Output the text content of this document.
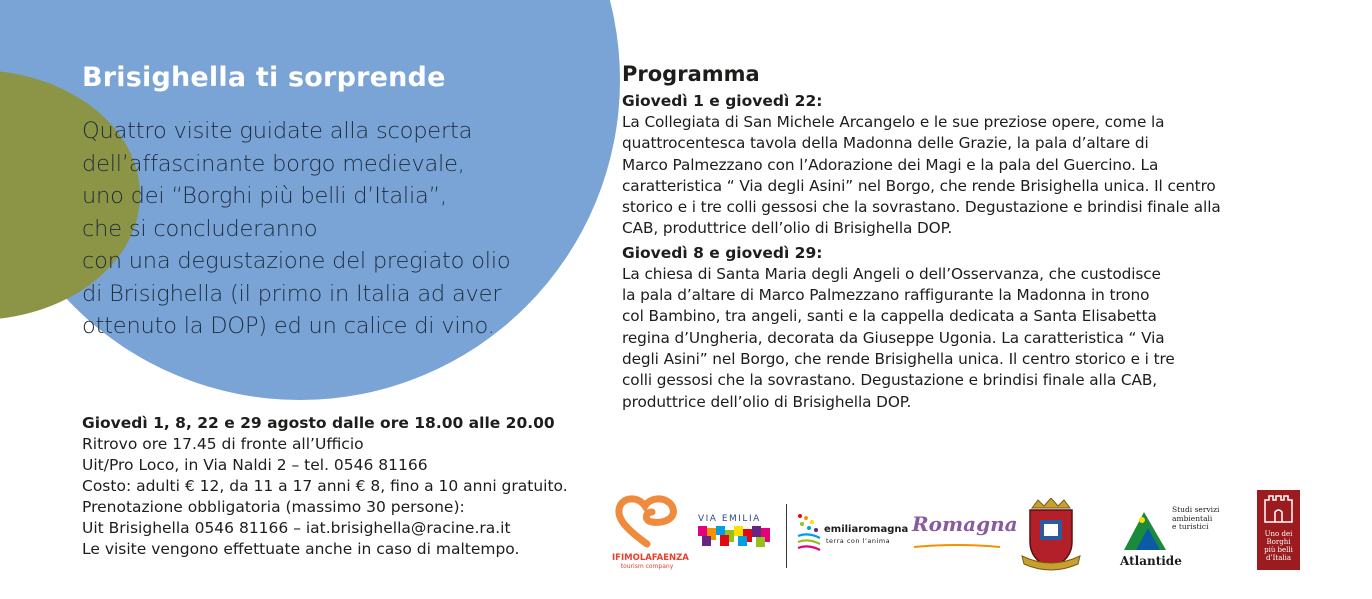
Brisighella ti sorprende
Quattro visite guidate alla scoperta
dell’affascinante borgo medievale,
uno dei “Borghi più belli d’Italia”,
che si concluderanno
con una degustazione del pregiato olio
di Brisighella (il primo in Italia ad aver
ottenuto la DOP) ed un calice di vino.
Giovedì 1, 8, 22 e 29 agosto dalle ore 18.00 alle 20.00
Ritrovo ore 17.45 di fronte all’Ufficio
Uit/Pro Loco, in Via Naldi 2 – tel. 0546 81166
Costo: adulti € 12, da 11 a 17 anni € 8, fino a 10 anni gratuito.
Prenotazione obbligatoria (massimo 30 persone):
Uit Brisighella 0546 81166 – iat.brisighella@racine.ra.it
Le visite vengono effettuate anche in caso di maltempo.
Programma
Giovedì 1 e giovedì 22:
La Collegiata di San Michele Arcangelo e le sue preziose opere, come la
quattrocentesca tavola della Madonna delle Grazie, la pala d’altare di
Marco Palmezzano con l’Adorazione dei Magi e la pala del Guercino. La
caratteristica “ Via degli Asini” nel Borgo, che rende Brisighella unica. Il centro
storico e i tre colli gessosi che la sovrastano. Degustazione e brindisi finale alla
CAB, produttrice dell’olio di Brisighella DOP.
Giovedì 8 e giovedì 29:
La chiesa di Santa Maria degli Angeli o dell’Osservanza, che custodisce
la pala d’altare di Marco Palmezzano raffigurante la Madonna in trono
col Bambino, tra angeli, santi e la cappella dedicata a Santa Elisabetta
regina d’Ungheria, decorata da Giuseppe Ugonia. La caratteristica “ Via
degli Asini” nel Borgo, che rende Brisighella unica. Il centro storico e i tre
colli gessosi che la sovrastano. Degustazione e brindisi finale alla CAB,
produttrice dell’olio di Brisighella DOP.
IFIMOLAFAENZA
tourism company
VIA EMILIA
emiliaromagna
terra con l’anima
Romagna
Studi servizi
ambientali
e turistici
Atlantide
Uno dei
Borghi
più belli
d’Italia
